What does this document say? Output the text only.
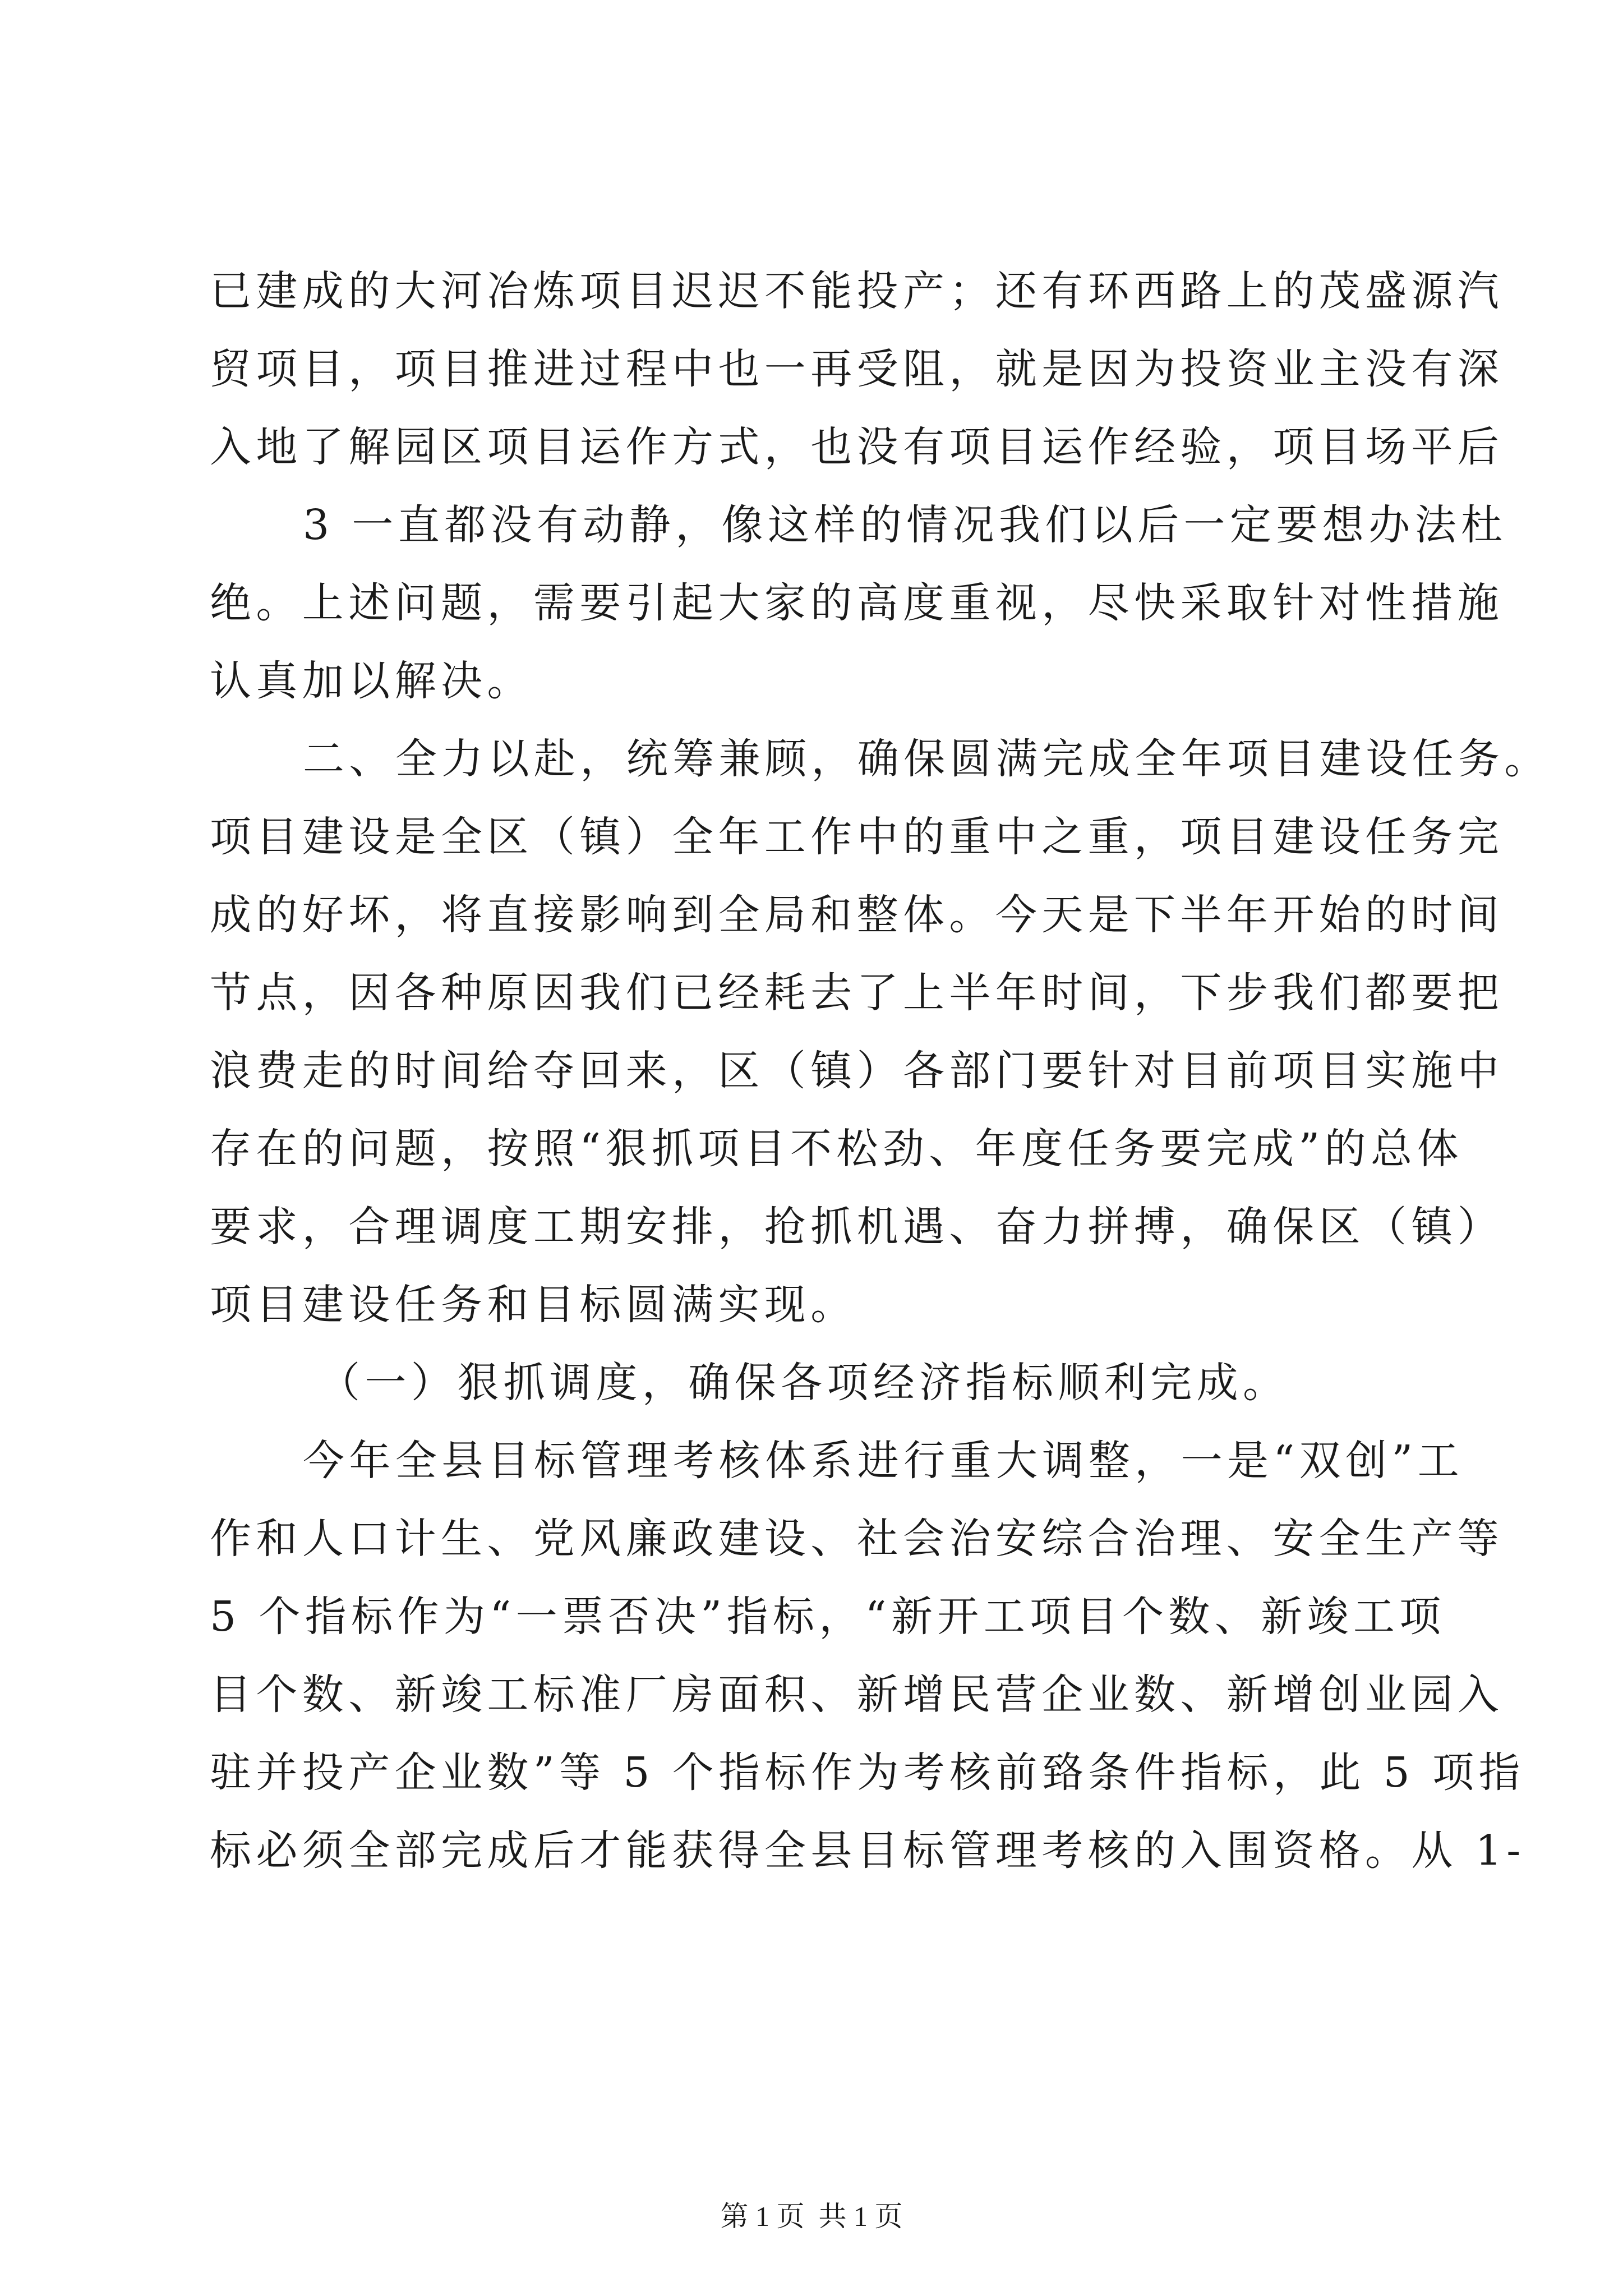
已建成的大河冶炼项目迟迟不能投产；还有环西路上的茂盛源汽

贸项目，项目推进过程中也一再受阻，就是因为投资业主没有深

入地了解园区项目运作方式，也没有项目运作经验，项目场平后

3 一直都没有动静，像这样的情况我们以后一定要想办法杜

绝。上述问题，需要引起大家的高度重视，尽快采取针对性措施

认真加以解决。

二、全力以赴，统筹兼顾，确保圆满完成全年项目建设任务。

项目建设是全区（镇）全年工作中的重中之重，项目建设任务完

成的好坏，将直接影响到全局和整体。今天是下半年开始的时间

节点，因各种原因我们已经耗去了上半年时间，下步我们都要把

浪费走的时间给夺回来，区（镇）各部门要针对目前项目实施中

存在的问题，按照“狠抓项目不松劲、年度任务要完成”的总体

要求，合理调度工期安排，抢抓机遇、奋力拼搏，确保区（镇）

项目建设任务和目标圆满实现。

（一）狠抓调度，确保各项经济指标顺利完成。

今年全县目标管理考核体系进行重大调整，一是“双创”工

作和人口计生、党风廉政建设、社会治安综合治理、安全生产等

5 个指标作为“一票否决”指标，“新开工项目个数、新竣工项

目个数、新竣工标准厂房面积、新增民营企业数、新增创业园入

驻并投产企业数”等 5 个指标作为考核前臵条件指标，此 5 项指

标必须全部完成后才能获得全县目标管理考核的入围资格。从 1-

第 1 页  共 1 页
